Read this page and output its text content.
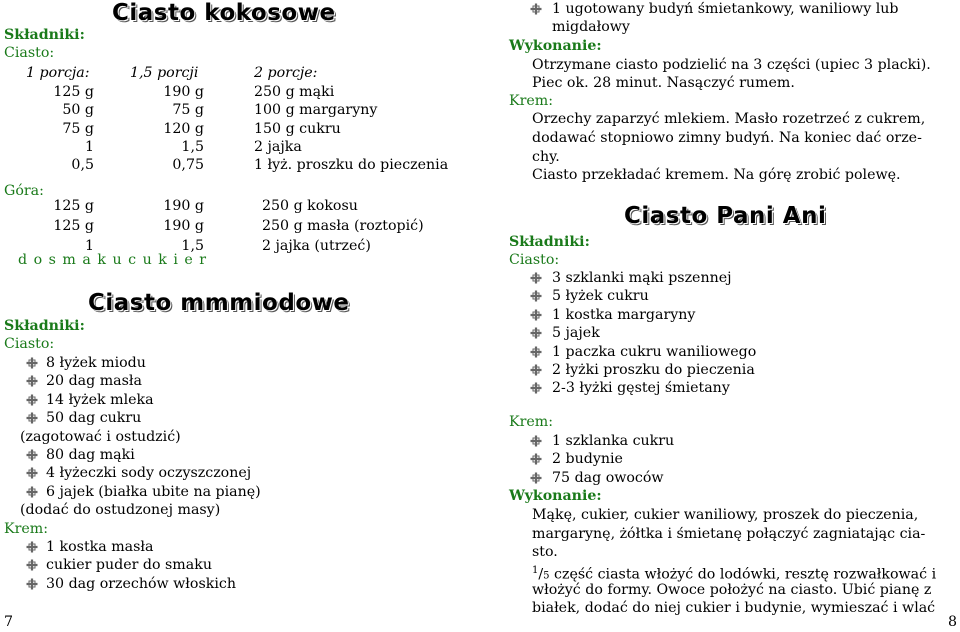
Ciasto kokosowe
Składniki:
Ciasto:
1 porcja:	1,5 porcji	2 porcje:
125 g	190 g	250 g mąki
50 g	75 g	100 g margaryny
75 g	120 g	150 g cukru
1	1,5	2 jajka
0,5	0,75	1 łyż. proszku do pieczenia
Góra:
125 g	190 g	250 g kokosu
125 g	190 g	250 g masła (roztopić)
1	1,5	2 jajka (utrzeć)
d o s m a k u c u k i e r
Ciasto mmmiodowe
Składniki:
Ciasto:
8 łyżek miodu
20 dag masła
14 łyżek mleka
50 dag cukru
(zagotować i ostudzić)
80 dag mąki
4 łyżeczki sody oczyszczonej
6 jajek (białka ubite na pianę)
(dodać do ostudzonej masy)
Krem:
1 kostka masła
cukier puder do smaku
30 dag orzechów włoskich
7
1 ugotowany budyń śmietankowy, waniliowy lub
migdałowy
Wykonanie:
Otrzymane ciasto podzielić na 3 części (upiec 3 placki).
Piec ok. 28 minut. Nasączyć rumem.
Krem:
Orzechy zaparzyć mlekiem. Masło rozetrzeć z cukrem,
dodawać stopniowo zimny budyń. Na koniec dać orze-
chy.
Ciasto przekładać kremem. Na górę zrobić polewę.
Ciasto Pani Ani
Składniki:
Ciasto:
3 szklanki mąki pszennej
5 łyżek cukru
1 kostka margaryny
5 jajek
1 paczka cukru waniliowego
2 łyżki proszku do pieczenia
2-3 łyżki gęstej śmietany
Krem:
1 szklanka cukru
2 budynie
75 dag owoców
Wykonanie:
Mąkę, cukier, cukier waniliowy, proszek do pieczenia,
margarynę, żółtka i śmietanę połączyć zagniatając cia-
sto.
$^1$/5 część ciasta włożyć do lodówki, resztę rozwałkować i
włożyć do formy. Owoce położyć na ciasto. Ubić pianę z
białek, dodać do niej cukier i budynie, wymieszać i wlać
8
